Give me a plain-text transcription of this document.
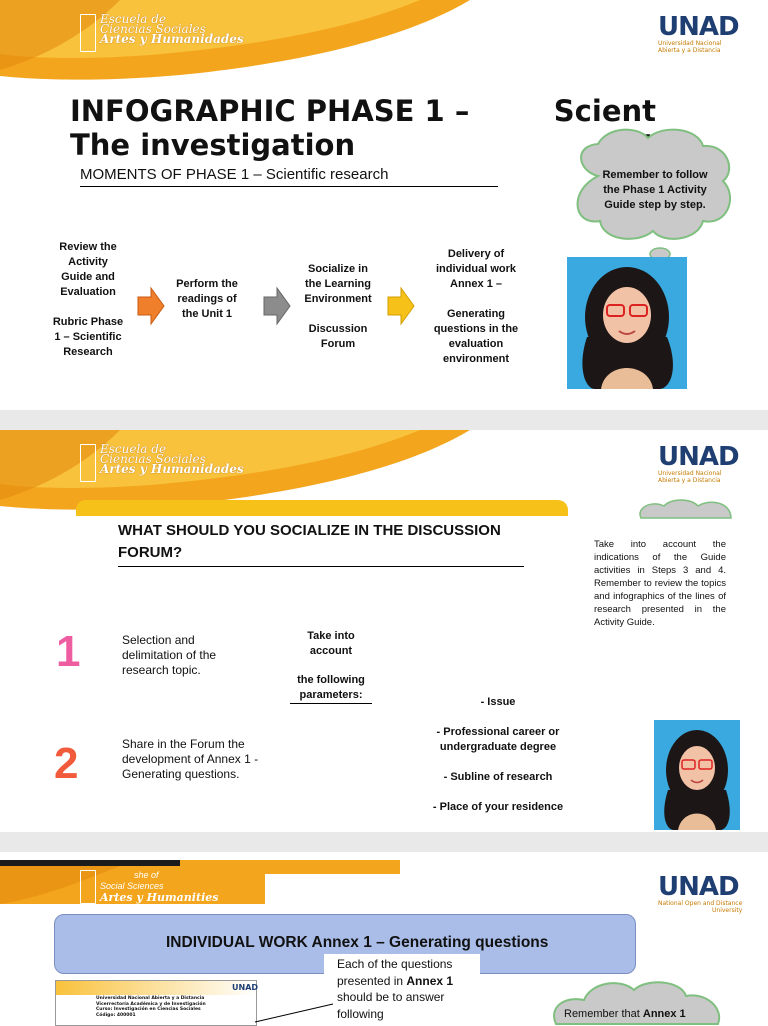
Escuela de
Ciencias Sociales
Artes y Humanidades	UNAD
Universidad Nacional
Abierta y a Distancia
INFOGRAPHIC PHASE 1 –
The investigation
Scient
MOMENTS OF PHASE 1 – Scientific research	Remember to follow the Phase 1 Activity Guide step by step.
Review the Activity Guide and Evaluation

Rubric Phase 1 – Scientific Research
Perform the readings of the Unit 1
Socialize in the Learning Environment

Discussion Forum
Delivery of individual work Annex 1 –

Generating questions in the evaluation environment
Escuela de
Ciencias Sociales
Artes y Humanidades	UNAD
Universidad Nacional
Abierta y a Distancia
WHAT SHOULD YOU SOCIALIZE IN THE DISCUSSION FORUM?
1	Selection and delimitation of the research topic.
2	Share in the Forum the development of Annex 1 - Generating questions.
Take into account
the following parameters:

- Issue

- Professional career or undergraduate degree

- Subline of research

- Place of your residence

Take into account the indications of the Guide activities in Steps 3 and 4. Remember to review the topics and infographics of the lines of research presented in the Activity Guide.
she of
Social Sciences
Artes y Humanities	UNAD
National Open and Distance
University
INDIVIDUAL WORK Annex 1 – Generating questions
Each of the questions presented in Annex 1 should be to answer following
UNAD
Universidad Nacional Abierta y a Distancia
Vicerrectoría Académica y de Investigación
Curso: Investigación en Ciencias Sociales
Código: 400001	Remember that Annex 1
